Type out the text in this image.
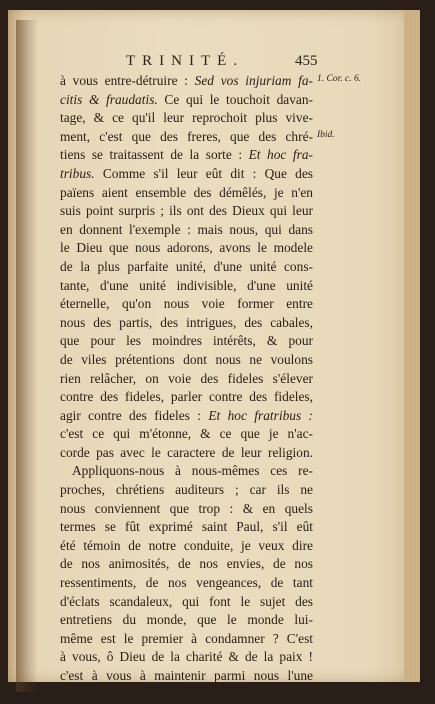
TRINITÉ.	455
à vous entre-détruire : Sed vos injuriam fa-
citis & fraudatis. Ce qui le touchoit davan-
tage, & ce qu'il leur reprochoit plus vive-
ment, c'est que des freres, que des chré-
tiens se traitassent de la sorte : Et hoc fra-
tribus. Comme s'il leur eût dit : Que des
païens aient ensemble des démêlés, je n'en
suis point surpris ; ils ont des Dieux qui leur
en donnent l'exemple : mais nous, qui dans
le Dieu que nous adorons, avons le modele
de la plus parfaite unité, d'une unité cons-
tante, d'une unité indivisible, d'une unité
éternelle, qu'on nous voie former entre
nous des partis, des intrigues, des cabales,
que pour les moindres intérêts, & pour
de viles prétentions dont nous ne voulons
rien relâcher, on voie des fideles s'élever
contre des fideles, parler contre des fideles,
agir contre des fideles : Et hoc fratribus :
c'est ce qui m'étonne, & ce que je n'ac-
corde pas avec le caractere de leur religion.
Appliquons-nous à nous-mêmes ces re-
proches, chrétiens auditeurs ; car ils ne
nous conviennent que trop : & en quels
termes se fût exprimé saint Paul, s'il eût
été témoin de notre conduite, je veux dire
de nos animosités, de nos envies, de nos
ressentiments, de nos vengeances, de tant
d'éclats scandaleux, qui font le sujet des
entretiens du monde, que le monde lui-
même est le premier à condamner ? C'est
à vous, ô Dieu de la charité & de la paix !
c'est à vous à maintenir parmi nous l'une
& l'autre, ou plutôt à les y établir : car
1. Cor. c. 6.
Ibid.
